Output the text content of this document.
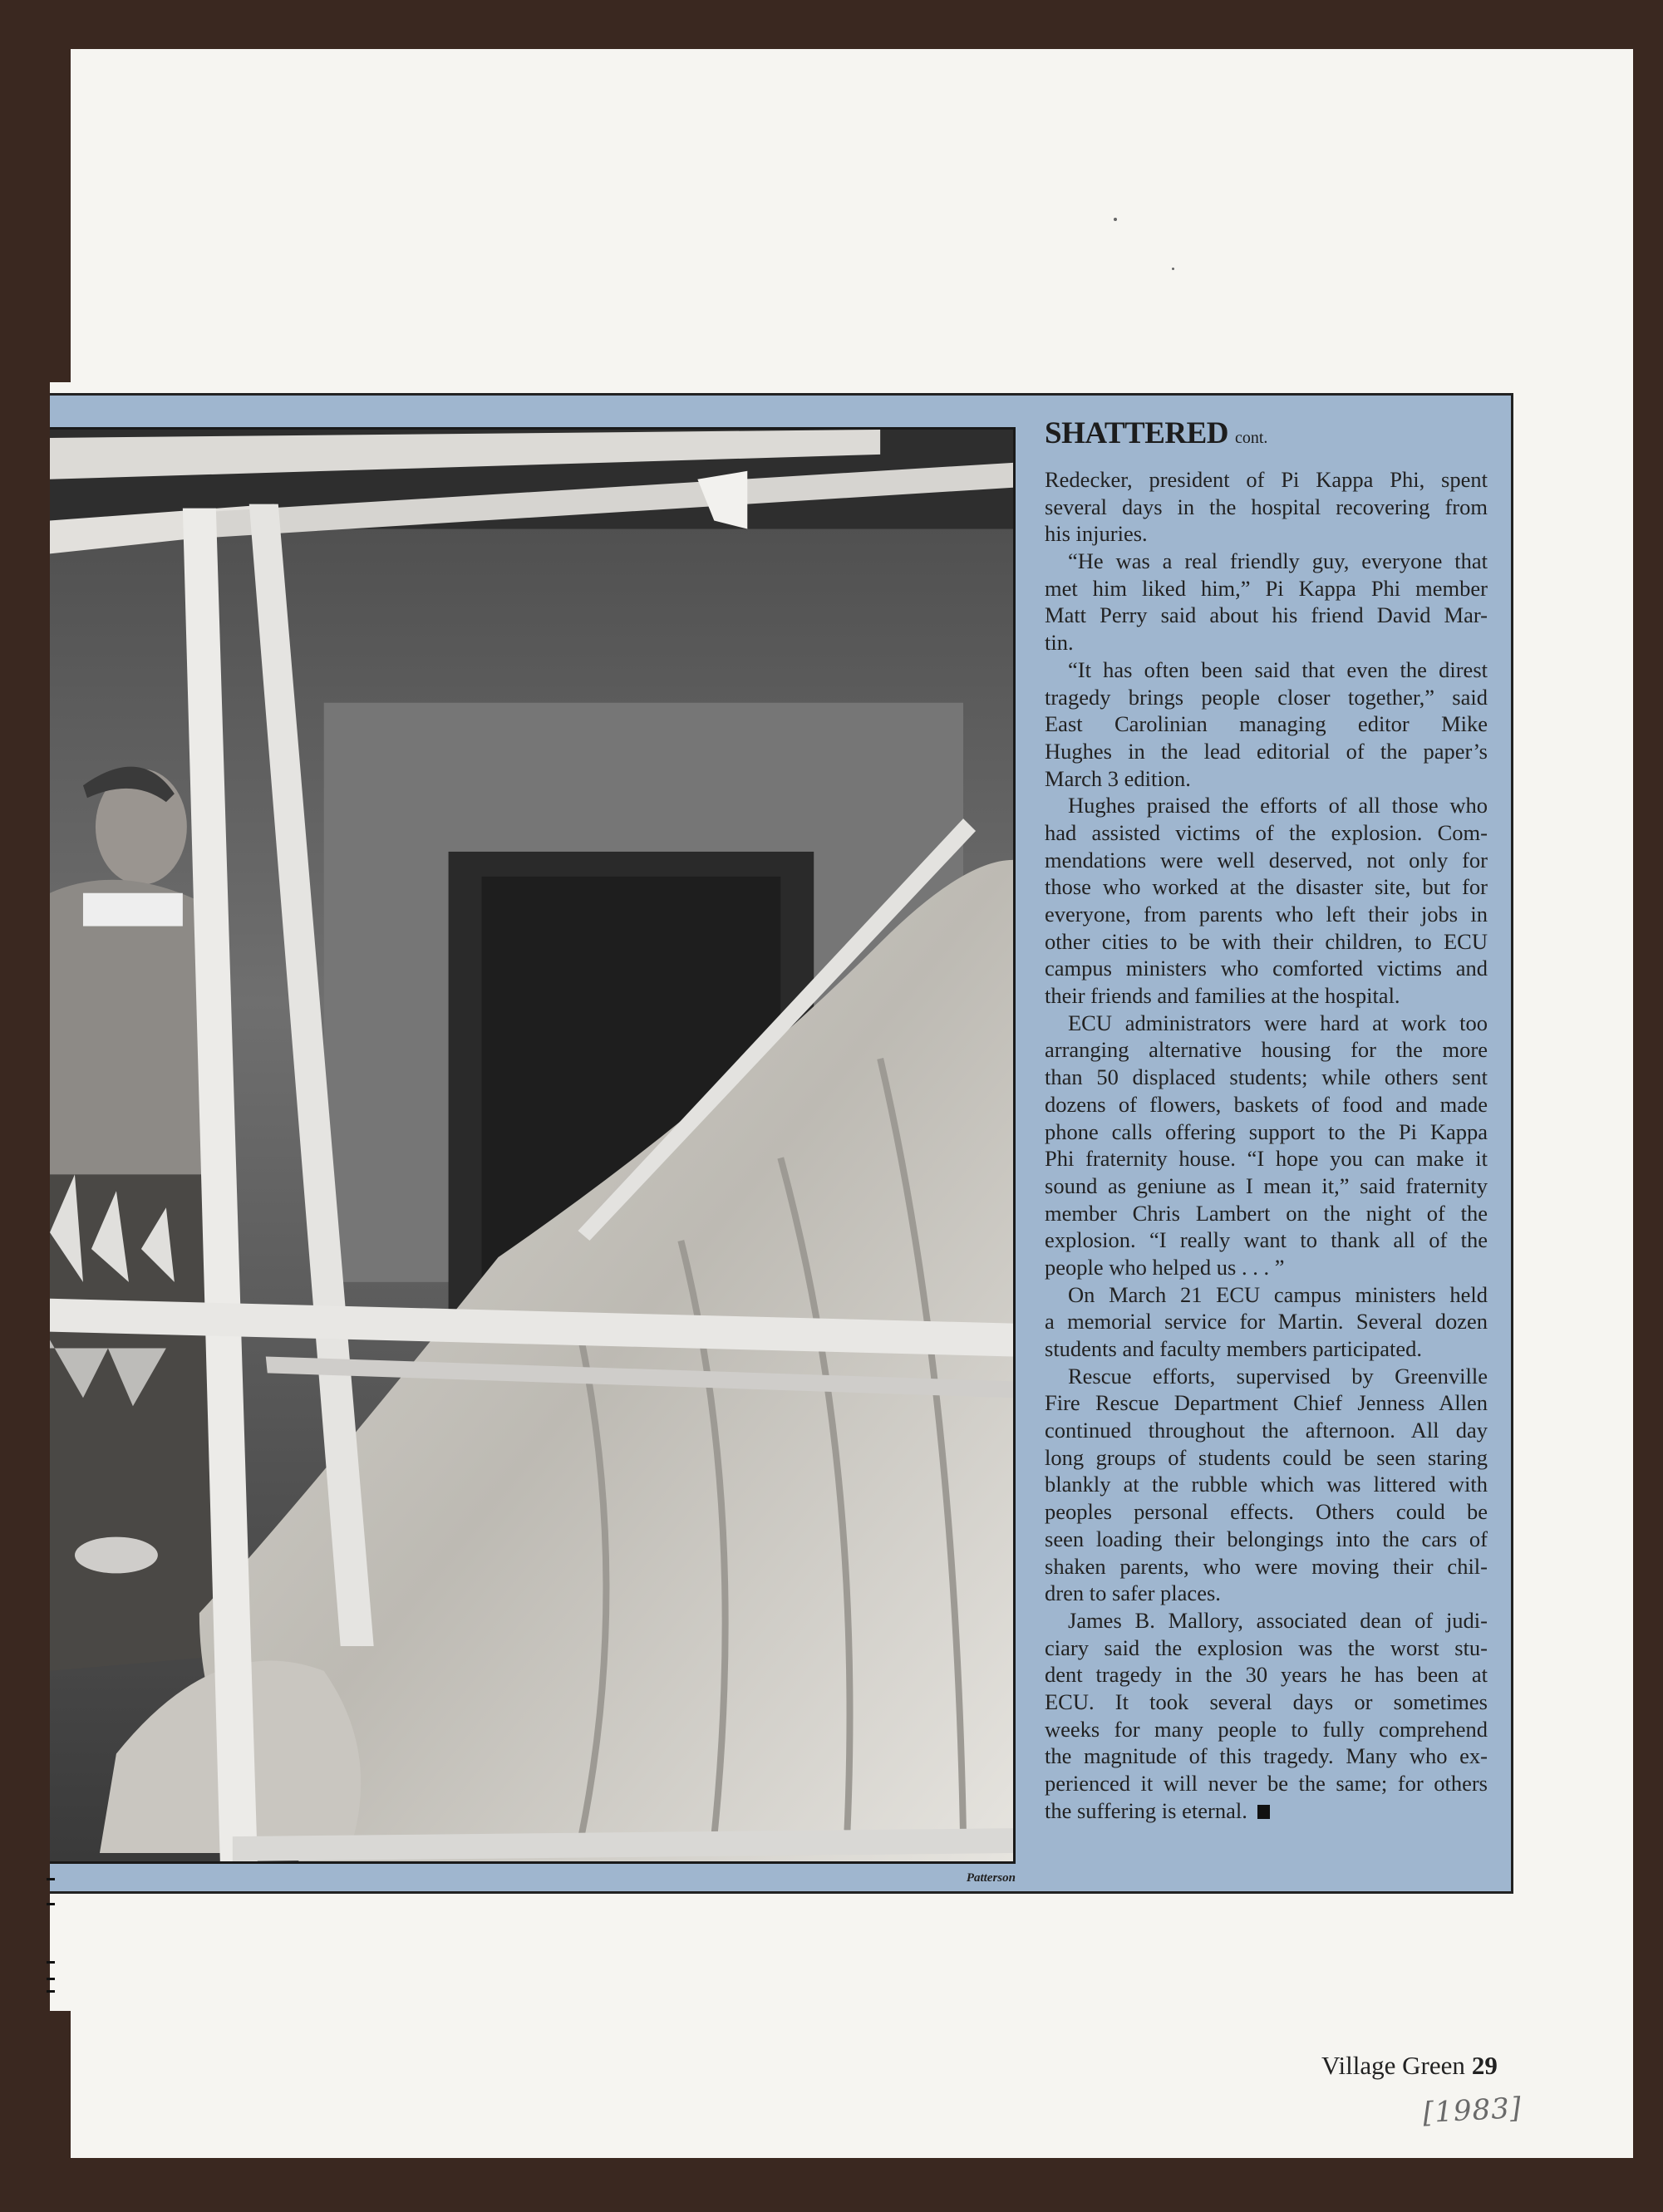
Patterson
SHATTERED cont.
Redecker, president of Pi Kappa Phi, spent
several days in the hospital recovering from
his injuries.
“He was a real friendly guy, everyone that
met him liked him,” Pi Kappa Phi member
Matt Perry said about his friend David Mar-
tin.
“It has often been said that even the direst
tragedy brings people closer together,” said
East Carolinian managing editor Mike
Hughes in the lead editorial of the paper’s
March 3 edition.
Hughes praised the efforts of all those who
had assisted victims of the explosion. Com-
mendations were well deserved, not only for
those who worked at the disaster site, but for
everyone, from parents who left their jobs in
other cities to be with their children, to ECU
campus ministers who comforted victims and
their friends and families at the hospital.
ECU administrators were hard at work too
arranging alternative housing for the more
than 50 displaced students; while others sent
dozens of flowers, baskets of food and made
phone calls offering support to the Pi Kappa
Phi fraternity house. “I hope you can make it
sound as geniune as I mean it,” said fraternity
member Chris Lambert on the night of the
explosion. “I really want to thank all of the
people who helped us . . . ”
On March 21 ECU campus ministers held
a memorial service for Martin. Several dozen
students and faculty members participated.
Rescue efforts, supervised by Greenville
Fire Rescue Department Chief Jenness Allen
continued throughout the afternoon. All day
long groups of students could be seen staring
blankly at the rubble which was littered with
peoples personal effects. Others could be
seen loading their belongings into the cars of
shaken parents, who were moving their chil-
dren to safer places.
James B. Mallory, associated dean of judi-
ciary said the explosion was the worst stu-
dent tragedy in the 30 years he has been at
ECU. It took several days or sometimes
weeks for many people to fully comprehend
the magnitude of this tragedy. Many who ex-
perienced it will never be the same; for others
the suffering is eternal.
Village Green 29
[1983]
